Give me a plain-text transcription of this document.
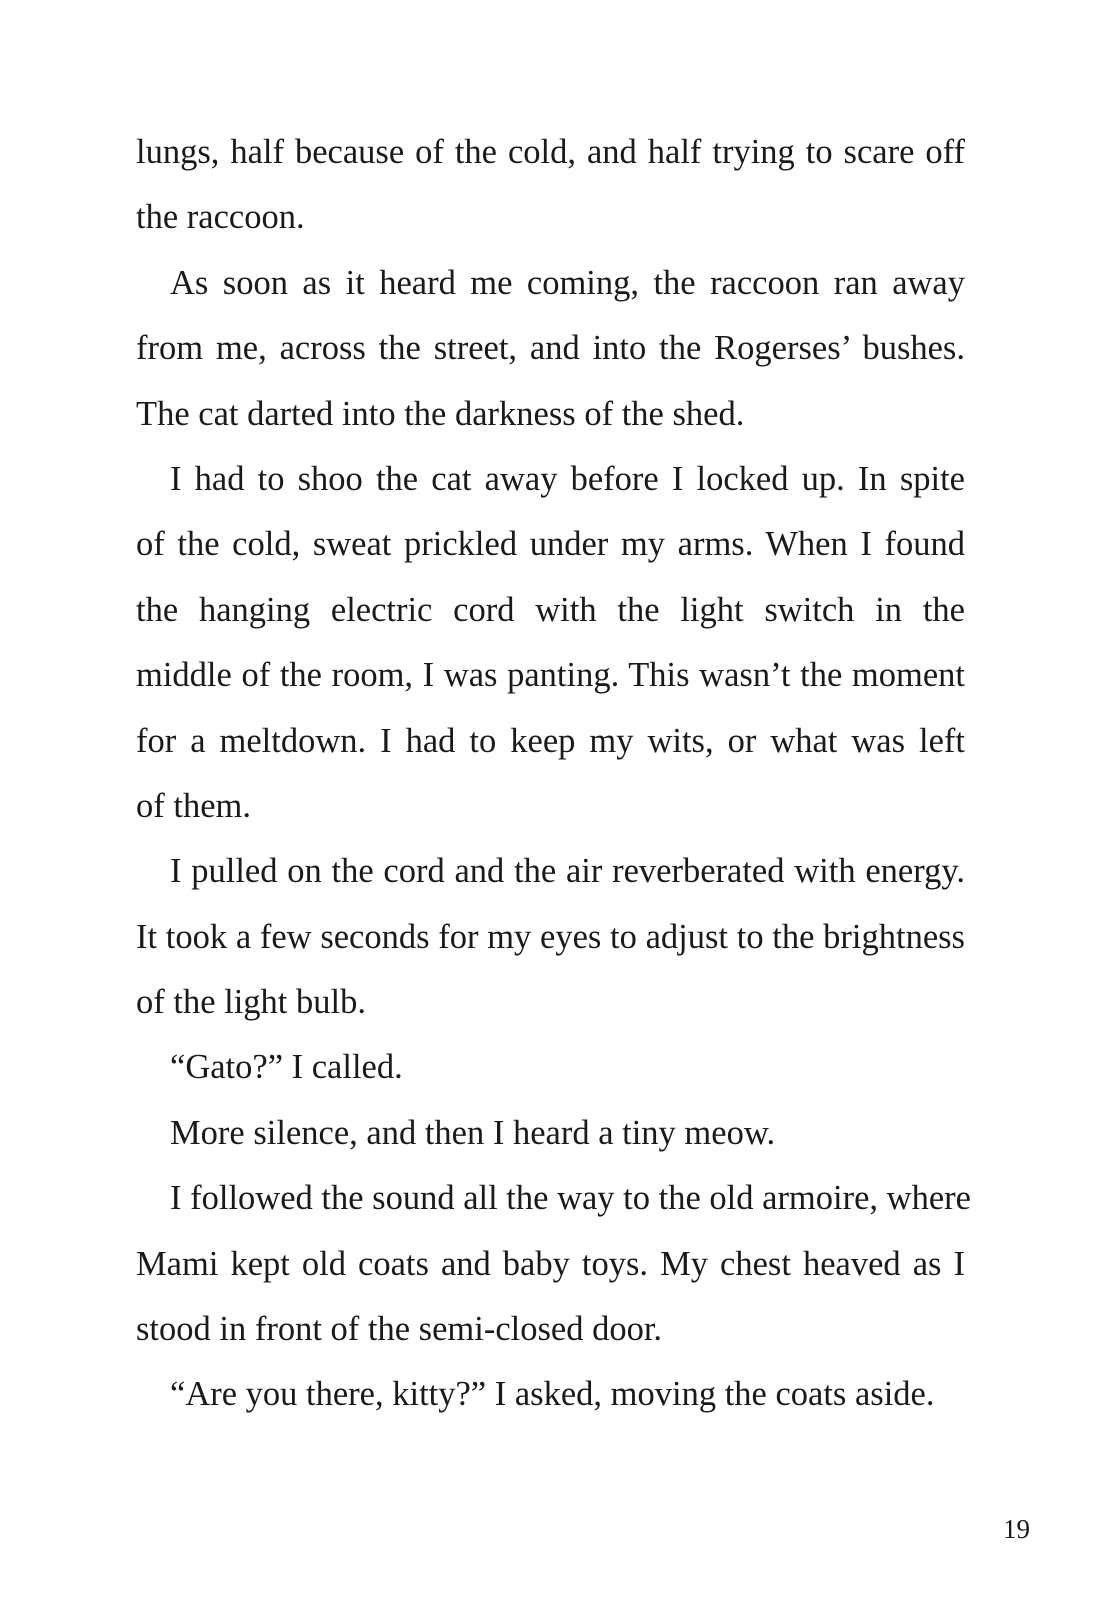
lungs, half because of the cold, and half trying to scare off
the raccoon.
As soon as it heard me coming, the raccoon ran away
from me, across the street, and into the Rogerses’ bushes.
The cat darted into the darkness of the shed.
I had to shoo the cat away before I locked up. In spite
of the cold, sweat prickled under my arms. When I found
the hanging electric cord with the light switch in the
middle of the room, I was panting. This wasn’t the moment
for a meltdown. I had to keep my wits, or what was left
of them.
I pulled on the cord and the air reverberated with energy.
It took a few seconds for my eyes to adjust to the brightness
of the light bulb.
“Gato?” I called.
More silence, and then I heard a tiny meow.
I followed the sound all the way to the old armoire, where
Mami kept old coats and baby toys. My chest heaved as I
stood in front of the semi-closed door.
“Are you there, kitty?” I asked, moving the coats aside.
19
